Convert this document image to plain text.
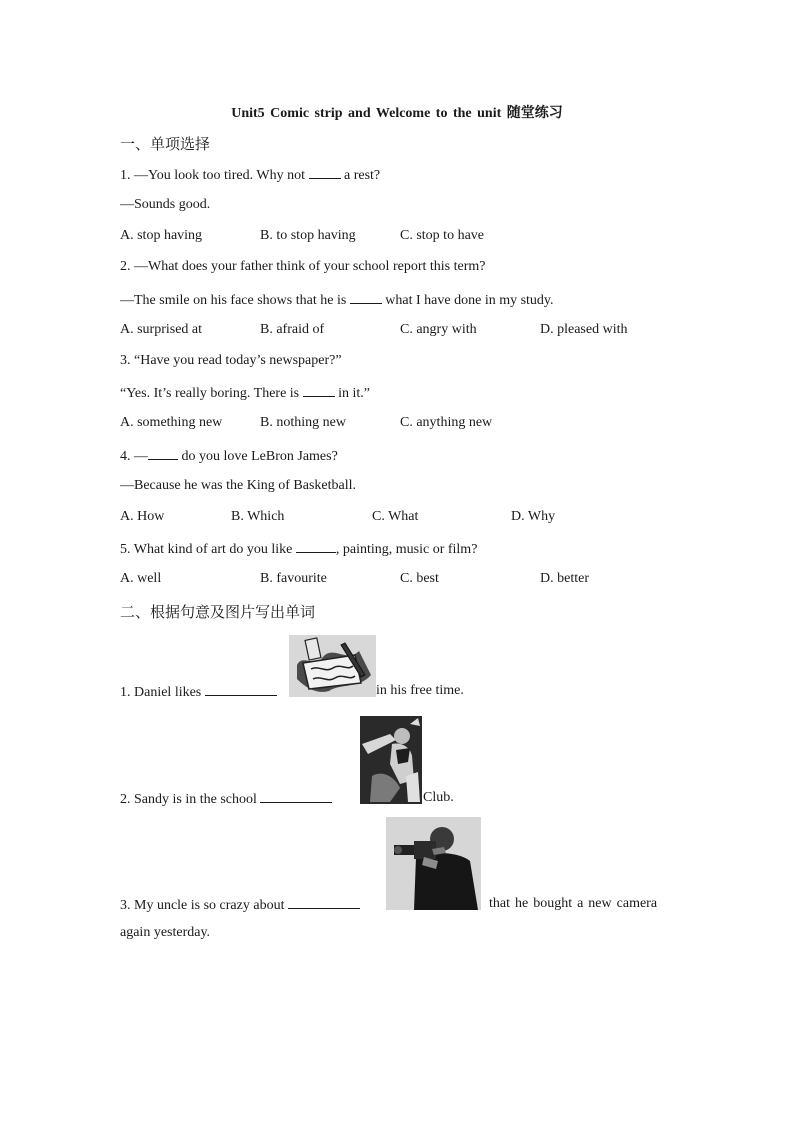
Unit5 Comic strip and Welcome to the unit 随堂练习
一、单项选择
1. —You look too tired. Why not  a rest?
—Sounds good.
A. stop having	B. to stop having	C. stop to have
2. —What does your father think of your school report this term?
—The smile on his face shows that he is  what I have done in my study.
A. surprised at	B. afraid of	C. angry with	D. pleased with
3. “Have you read today’s newspaper?”
“Yes. It’s really boring. There is  in it.”
A. something new	B. nothing new	C. anything new
4. — do you love LeBron James?
—Because he was the King of Basketball.
A. How	B. Which	C. What	D. Why
5. What kind of art do you like	, painting, music or film?
A. well	B. favourite	C. best	D. better
二、根据句意及图片写出单词
1. Daniel likes	in his free time.
2. Sandy is in the school	Club.
3. My uncle is so crazy about	that he bought a new camera
again yesterday.
